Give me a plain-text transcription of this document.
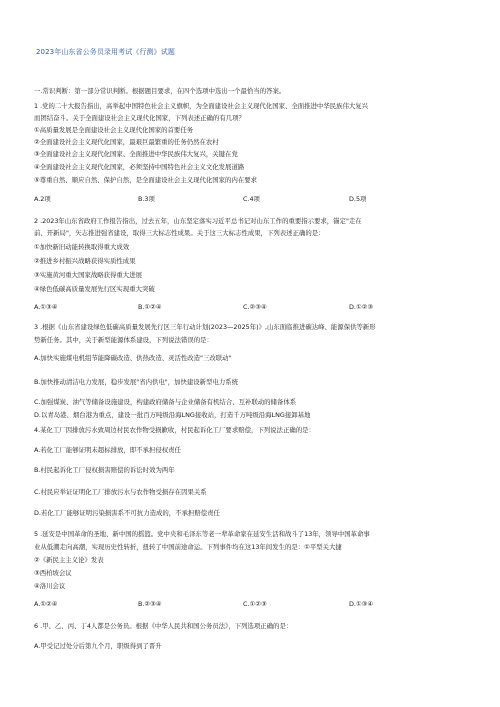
2023年山东省公务员录用考试《行测》试题
一.常识判断：第一部分常识判断。根据题目要求，在四个选项中选出一个最恰当的答案。
1 .党的二十大报告指出，高举起中国特色社会主义旗帜，为全面建设社会主义现代化国家、全面推进中华民族伟大复兴
而团结奋斗。关于全面建设社会主义现代化国家，下列表述正确的有几项？
①高质量发展是全面建设社会主义现代化国家的首要任务
②全面建设社会主义现代化国家，最艰巨最繁重的任务仍然在农村
③全面建设社会主义现代化国家、全面推进中华民族伟大复兴，关键在党
④全面建设社会主义现代化国家，必须坚持中国特色社会主义文化发展道路
⑤尊重自然、顺应自然、保护自然，是全面建设社会主义现代化国家的内在要求
A.2项	B.3项	C.4项	D.5项
2 .2023年山东省政府工作报告指出，过去五年，山东坚定落实习近平总书记对山东工作的重要指示要求，锚定"走在
前、开新局"，矢志推进强省建设，取得三大标志性成果。关于这三大标志性成果，下列表述正确的是：
①加快新旧动能转换取得重大成效
②推进乡村振兴战略获得实质性成果
③实施黄河重大国家战略获得重大进展
④绿色低碳高质量发展先行区实现重大突破
A.①③④	B.①②④	C.②③④	D.①②③
3 .根据《山东省建设绿色低碳高质量发展先行区三年行动计划(2023—2025年)》,山东面临推进碳达峰、能源保供等新形
势新任务。其中，关于新型能源体系建设，下列说法错误的是：
A.加快实施煤电机组节能降碳改造、供热改造、灵活性改造"三改联动"
B.加快推动清洁电力发展，稳步发展"省内供电"，加快建设新型电力系统
C.加强煤炭、油气等储备设施建设，构建政府储备与企业储备有机结合、互补联动的储备体系
D.以青岛港、烟台港为重点，建设一批百万吨级沿海LNG接收站，打造千万吨级沿海LNG接卸基地
4.某化工厂因排放污水致周边村民农作物受损歉收，村民起诉化工厂要求赔偿，下列说法正确的是：
A.若化工厂能够证明未超标排放，即不承担侵权责任
B.村民起诉化工厂侵权损害赔偿的诉讼时效为两年
C.村民应举证证明化工厂排放污水与农作物受损存在因果关系
D.若化工厂能够证明污染损害系不可抗力造成的，不承担赔偿责任
5 .延安是中国革命的圣地、新中国的摇篮。党中央和毛泽东等老一辈革命家在延安生活和战斗了13年，领导中国革命事
业从低潮走向高潮，实现历史性转折，扭转了中国前途命运。下列事件均在这13年间发生的是：①平型关大捷
②《新民主主义论》发表
③西柏坡会议
④洛川会议
A.①②④	B.②③④	C.①②③	D.①③④
6 .甲、乙、丙、丁4人都是公务员。根据《中华人民共和国公务员法》，下列选项正确的是：
A.甲受记过处分后第九个月，职级得到了晋升
